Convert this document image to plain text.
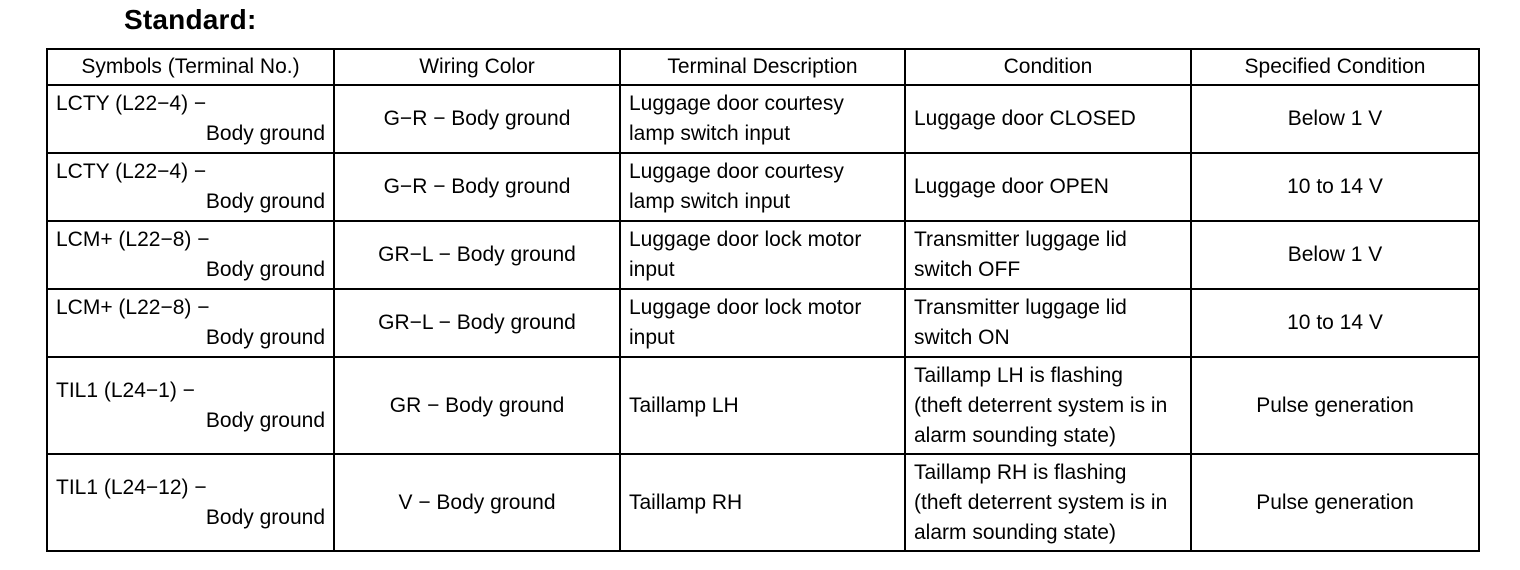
Standard:
Symbols (Terminal No.)	Wiring Color	Terminal Description	Condition	Specified Condition

LCTY (L22−4) −
Body ground	G−R − Body ground	Luggage door courtesy
lamp switch input	Luggage door CLOSED	Below 1 V

LCTY (L22−4) −
Body ground	G−R − Body ground	Luggage door courtesy
lamp switch input	Luggage door OPEN	10 to 14 V

LCM+ (L22−8) −
Body ground	GR−L − Body ground	Luggage door lock motor
input	Transmitter luggage lid
switch OFF	Below 1 V

LCM+ (L22−8) −
Body ground	GR−L − Body ground	Luggage door lock motor
input	Transmitter luggage lid
switch ON	10 to 14 V

TIL1 (L24−1) −
Body ground	GR − Body ground	Taillamp LH	Taillamp LH is flashing
(theft deterrent system is in
alarm sounding state)	Pulse generation

TIL1 (L24−12) −
Body ground	V − Body ground	Taillamp RH	Taillamp RH is flashing
(theft deterrent system is in
alarm sounding state)	Pulse generation
